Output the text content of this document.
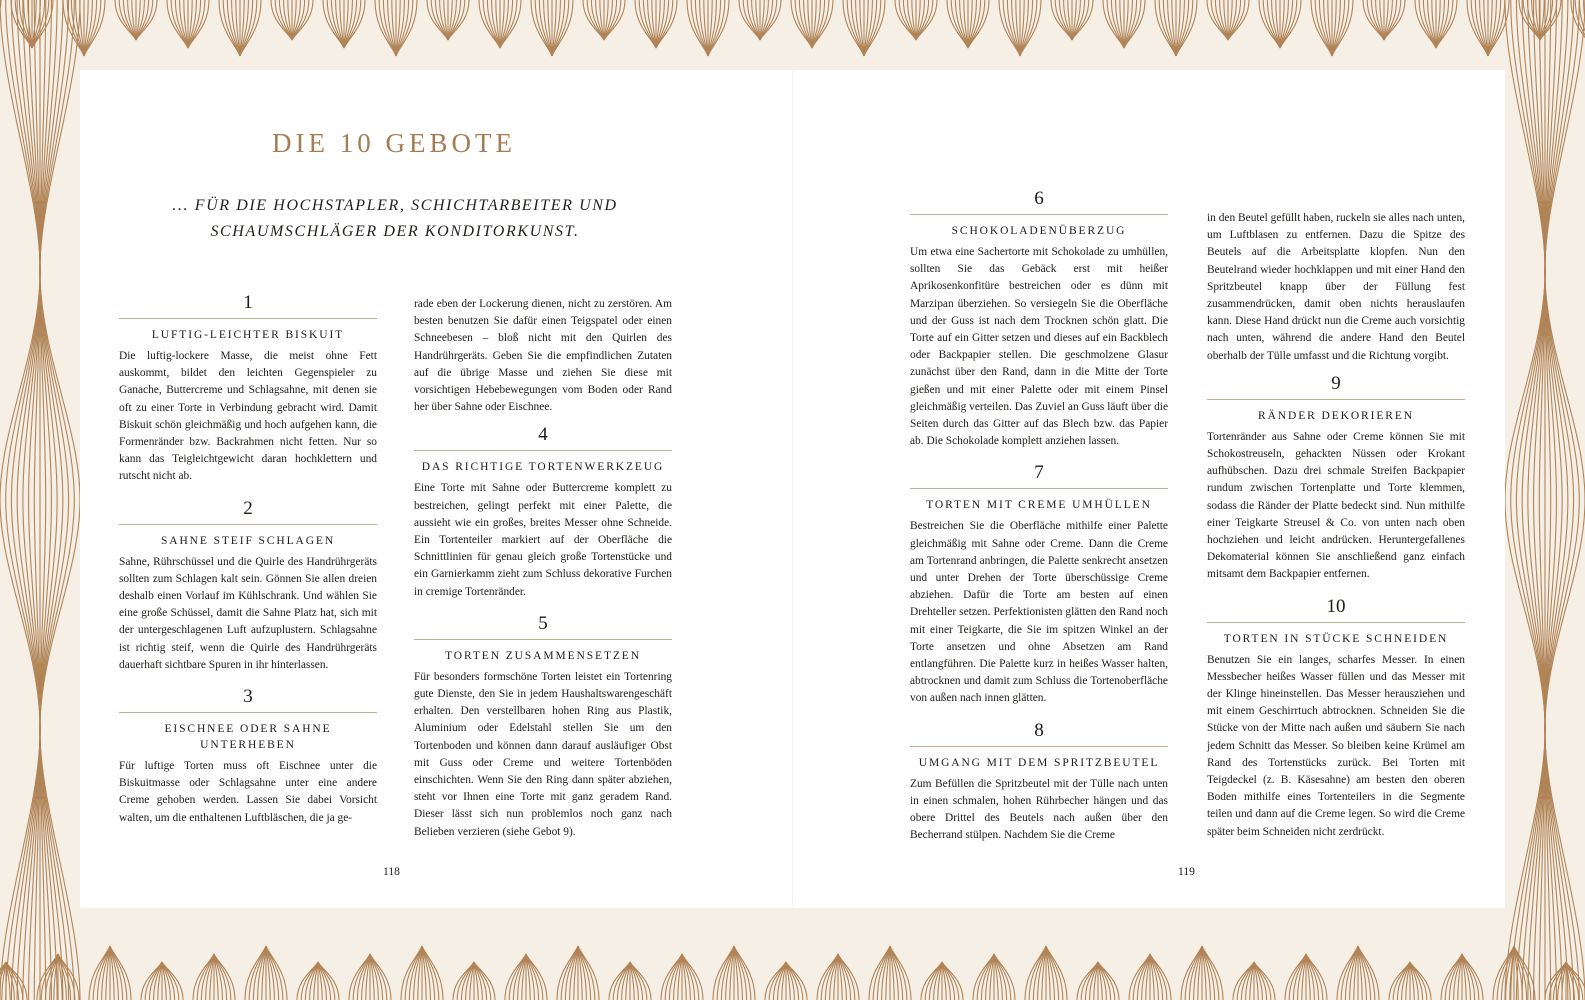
DIE 10 GEBOTE
... FÜR DIE HOCHSTAPLER, SCHICHTARBEITER UND SCHAUMSCHLÄGER DER KONDITORKUNST.
1
LUFTIG-LEICHTER BISKUIT

Die luftig-lockere Masse, die meist ohne Fett auskommt, bildet den leichten Gegenspieler zu Ganache, Buttercreme und Schlagsahne, mit denen sie oft zu einer Torte in Verbindung gebracht wird. Damit Biskuit schön gleichmäßig und hoch aufgehen kann, die Formenränder bzw. Backrahmen nicht fetten. Nur so kann das Teigleichtgewicht daran hochklettern und rutscht nicht ab.

2
SAHNE STEIF SCHLAGEN

Sahne, Rührschüssel und die Quirle des Handrührgeräts sollten zum Schlagen kalt sein. Gönnen Sie allen dreien deshalb einen Vorlauf im Kühlschrank. Und wählen Sie eine große Schüssel, damit die Sahne Platz hat, sich mit der untergeschlagenen Luft aufzuplustern. Schlagsahne ist richtig steif, wenn die Quirle des Handrührgeräts dauerhaft sichtbare Spuren in ihr hinterlassen.

3
EISCHNEE ODER SAHNE UNTERHEBEN

Für luftige Torten muss oft Eischnee unter die Biskuitmasse oder Schlagsahne unter eine andere Creme gehoben werden. Lassen Sie dabei Vorsicht walten, um die enthaltenen Luftbläschen, die ja ge-

rade eben der Lockerung dienen, nicht zu zerstören. Am besten benutzen Sie dafür einen Teigspatel oder einen Schneebesen – bloß nicht mit den Quirlen des Handrührgeräts. Geben Sie die empfindlichen Zutaten auf die übrige Masse und ziehen Sie diese mit vorsichtigen Hebebewegungen vom Boden oder Rand her über Sahne oder Eischnee.

4
DAS RICHTIGE TORTENWERKZEUG

Eine Torte mit Sahne oder Buttercreme komplett zu bestreichen, gelingt perfekt mit einer Palette, die aussieht wie ein großes, breites Messer ohne Schneide. Ein Tortenteiler markiert auf der Oberfläche die Schnittlinien für genau gleich große Tortenstücke und ein Garnierkamm zieht zum Schluss dekorative Furchen in cremige Tortenränder.

5
TORTEN ZUSAMMENSETZEN

Für besonders formschöne Torten leistet ein Tortenring gute Dienste, den Sie in jedem Haushaltswarengeschäft erhalten. Den verstellbaren hohen Ring aus Plastik, Aluminium oder Edelstahl stellen Sie um den Tortenboden und können dann darauf ausläufiger Obst mit Guss oder Creme und weitere Tortenböden einschichten. Wenn Sie den Ring dann später abziehen, steht vor Ihnen eine Torte mit ganz geradem Rand. Dieser lässt sich nun problemlos noch ganz nach Belieben verzieren (siehe Gebot 9).

6
SCHOKOLADENÜBERZUG

Um etwa eine Sachertorte mit Schokolade zu umhüllen, sollten Sie das Gebäck erst mit heißer Aprikosenkonfitüre bestreichen oder es dünn mit Marzipan überziehen. So versiegeln Sie die Oberfläche und der Guss ist nach dem Trocknen schön glatt. Die Torte auf ein Gitter setzen und dieses auf ein Backblech oder Backpapier stellen. Die geschmolzene Glasur zunächst über den Rand, dann in die Mitte der Torte gießen und mit einer Palette oder mit einem Pinsel gleichmäßig verteilen. Das Zuviel an Guss läuft über die Seiten durch das Gitter auf das Blech bzw. das Papier ab. Die Schokolade komplett anziehen lassen.

7
TORTEN MIT CREME UMHÜLLEN

Bestreichen Sie die Oberfläche mithilfe einer Palette gleichmäßig mit Sahne oder Creme. Dann die Creme am Tortenrand anbringen, die Palette senkrecht ansetzen und unter Drehen der Torte überschüssige Creme abziehen. Dafür die Torte am besten auf einen Drehteller setzen. Perfektionisten glätten den Rand noch mit einer Teigkarte, die Sie im spitzen Winkel an der Torte ansetzen und ohne Absetzen am Rand entlangführen. Die Palette kurz in heißes Wasser halten, abtrocknen und damit zum Schluss die Tortenoberfläche von außen nach innen glätten.

8
UMGANG MIT DEM SPRITZBEUTEL

Zum Befüllen die Spritzbeutel mit der Tülle nach unten in einen schmalen, hohen Rührbecher hängen und das obere Drittel des Beutels nach außen über den Becherrand stülpen. Nachdem Sie die Creme

in den Beutel gefüllt haben, ruckeln sie alles nach unten, um Luftblasen zu entfernen. Dazu die Spitze des Beutels auf die Arbeitsplatte klopfen. Nun den Beutelrand wieder hochklappen und mit einer Hand den Spritzbeutel knapp über der Füllung fest zusammendrücken, damit oben nichts herauslaufen kann. Diese Hand drückt nun die Creme auch vorsichtig nach unten, während die andere Hand den Beutel oberhalb der Tülle umfasst und die Richtung vorgibt.

9
RÄNDER DEKORIEREN

Tortenränder aus Sahne oder Creme können Sie mit Schokostreuseln, gehackten Nüssen oder Krokant aufhübschen. Dazu drei schmale Streifen Backpapier rundum zwischen Tortenplatte und Torte klemmen, sodass die Ränder der Platte bedeckt sind. Nun mithilfe einer Teigkarte Streusel & Co. von unten nach oben hochziehen und leicht andrücken. Heruntergefallenes Dekomaterial können Sie anschließend ganz einfach mitsamt dem Backpapier entfernen.

10
TORTEN IN STÜCKE SCHNEIDEN

Benutzen Sie ein langes, scharfes Messer. In einen Messbecher heißes Wasser füllen und das Messer mit der Klinge hineinstellen. Das Messer herausziehen und mit einem Geschirrtuch abtrocknen. Schneiden Sie die Stücke von der Mitte nach außen und säubern Sie nach jedem Schnitt das Messer. So bleiben keine Krümel am Rand des Tortenstücks zurück. Bei Torten mit Teigdeckel (z. B. Käsesahne) am besten den oberen Boden mithilfe eines Tortenteilers in die Segmente teilen und dann auf die Creme legen. So wird die Creme später beim Schneiden nicht zerdrückt.

118	119
